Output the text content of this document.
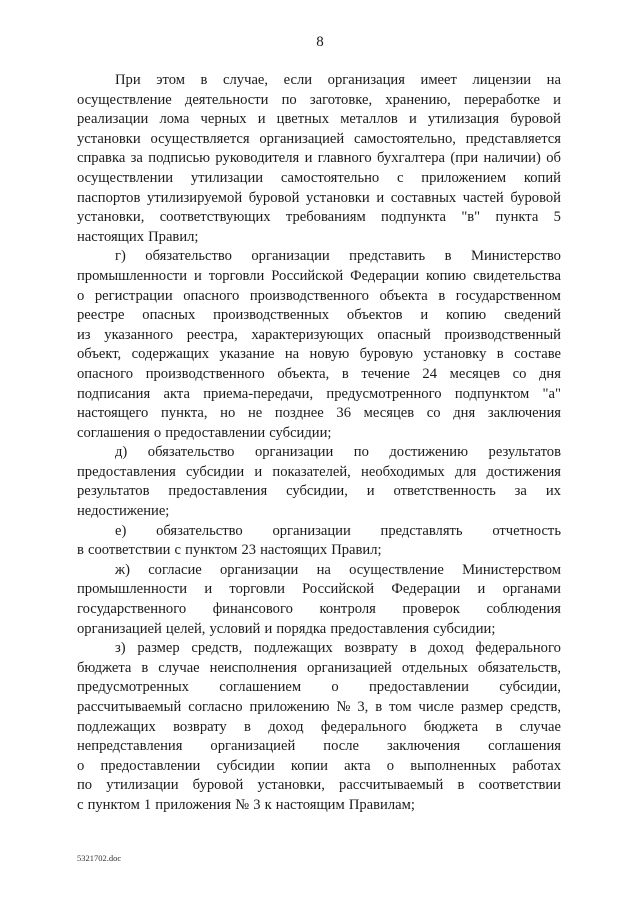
8
При этом в случае, если организация имеет лицензии на
осуществление деятельности по заготовке, хранению, переработке и
реализации лома черных и цветных металлов и утилизация буровой
установки осуществляется организацией самостоятельно, представляется
справка за подписью руководителя и главного бухгалтера (при наличии) об
осуществлении утилизации самостоятельно с приложением копий
паспортов утилизируемой буровой установки и составных частей буровой
установки, соответствующих требованиям подпункта "в" пункта 5
настоящих Правил;
г) обязательство организации представить в Министерство
промышленности и торговли Российской Федерации копию свидетельства
о регистрации опасного производственного объекта в государственном
реестре опасных производственных объектов и копию сведений
из указанного реестра, характеризующих опасный производственный
объект, содержащих указание на новую буровую установку в составе
опасного производственного объекта, в течение 24 месяцев со дня
подписания акта приема-передачи, предусмотренного подпунктом "а"
настоящего пункта, но не позднее 36 месяцев со дня заключения
соглашения о предоставлении субсидии;
д) обязательство организации по достижению результатов
предоставления субсидии и показателей, необходимых для достижения
результатов предоставления субсидии, и ответственность за их
недостижение;
е) обязательство организации представлять отчетность
в соответствии с пунктом 23 настоящих Правил;
ж) согласие организации на осуществление Министерством
промышленности и торговли Российской Федерации и органами
государственного финансового контроля проверок соблюдения
организацией целей, условий и порядка предоставления субсидии;
з) размер средств, подлежащих возврату в доход федерального
бюджета в случае неисполнения организацией отдельных обязательств,
предусмотренных соглашением о предоставлении субсидии,
рассчитываемый согласно приложению № 3, в том числе размер средств,
подлежащих возврату в доход федерального бюджета в случае
непредставления организацией после заключения соглашения
о предоставлении субсидии копии акта о выполненных работах
по утилизации буровой установки, рассчитываемый в соответствии
с пунктом 1 приложения № 3 к настоящим Правилам;
5321702.doc
